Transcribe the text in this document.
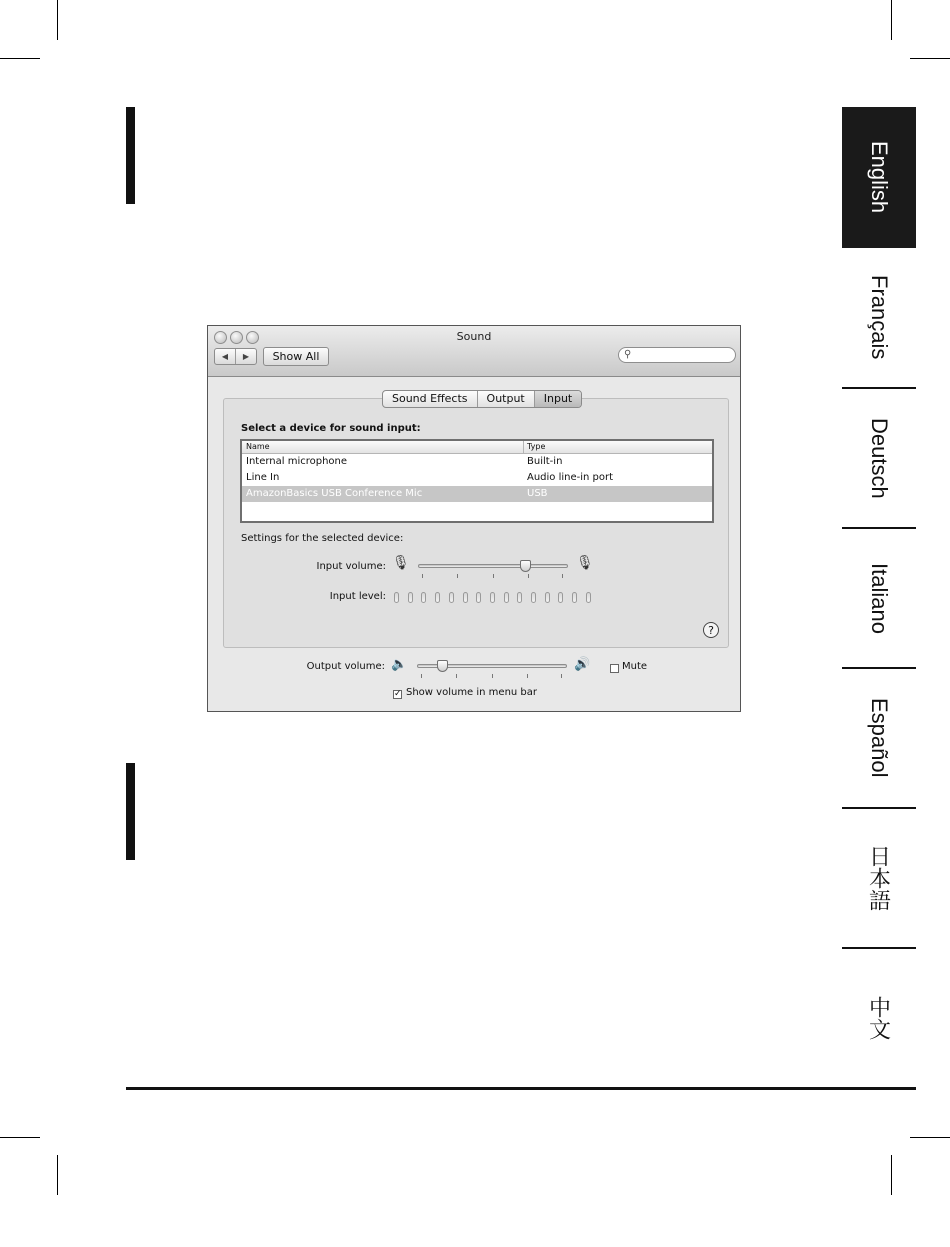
English
Français
Deutsch
Italiano
Español
日本語
中文
Sound
◀	▶	Show All	⚲
Sound Effects	Output	Input
Select a device for sound input:
Name	Type
Internal microphone	Built-in
Line In	Audio line-in port
AmazonBasics USB Conference Mic	USB
Settings for the selected device:
Input volume: 🎙	🎙
Input level:
?
Output volume: 🔈	🔊	Mute
✓ Show volume in menu bar
